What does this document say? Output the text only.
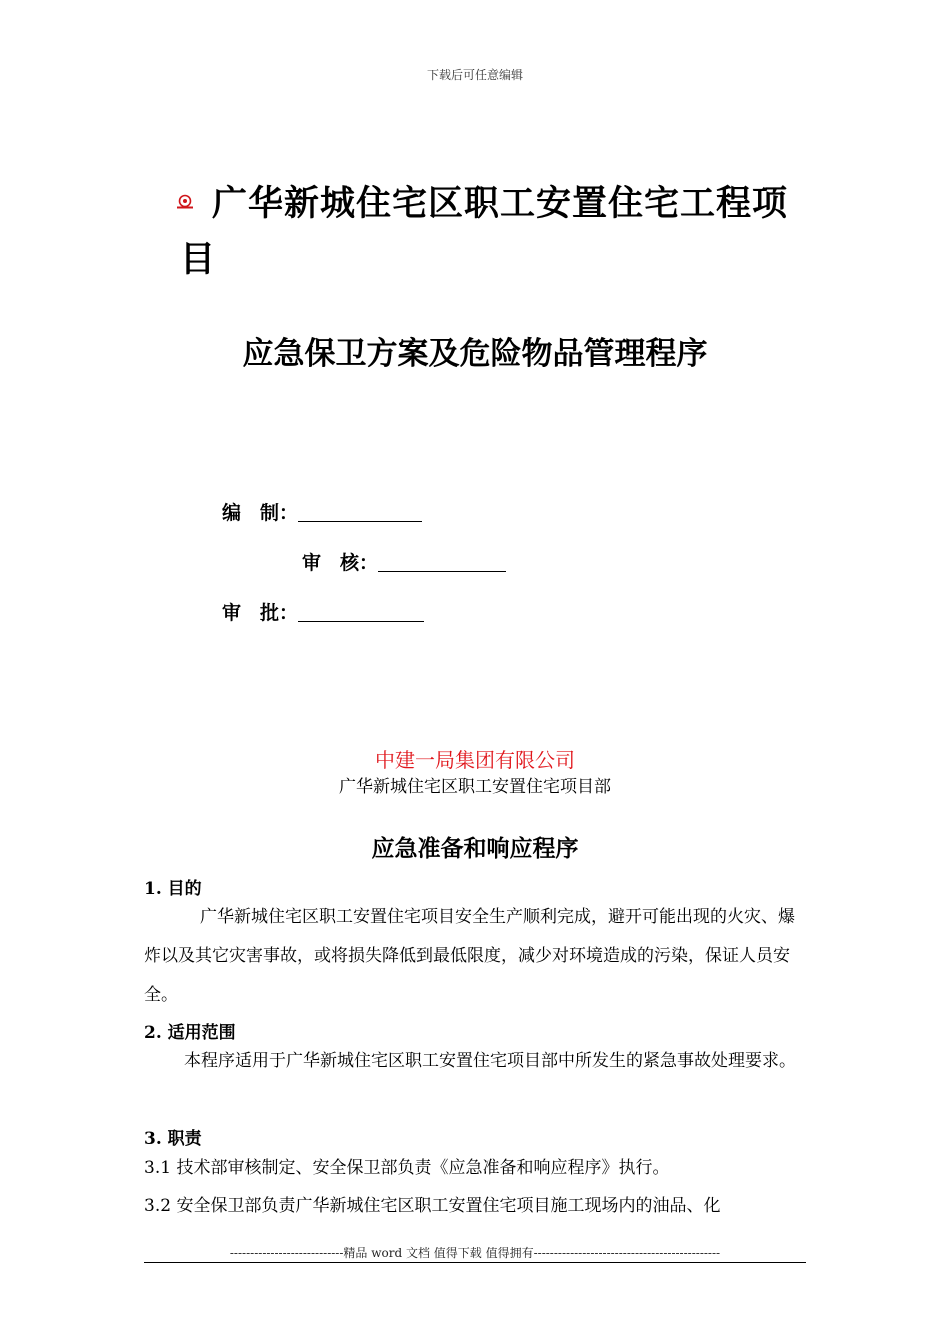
下载后可任意编辑
广华新城住宅区职工安置住宅工程项
目
应急保卫方案及危险物品管理程序
编　制：
审　核：
审　批：
中建一局集团有限公司
广华新城住宅区职工安置住宅项目部
应急准备和响应程序
1. 目的
广华新城住宅区职工安置住宅项目安全生产顺利完成，避开可能出现的火灾、爆炸以及其它灾害事故，或将损失降低到最低限度，减少对环境造成的污染，保证人员安全。
2. 适用范围
本程序适用于广华新城住宅区职工安置住宅项目部中所发生的紧急事故处理要求。
3. 职责
3.1 技术部审核制定、安全保卫部负责《应急准备和响应程序》执行。
3.2 安全保卫部负责广华新城住宅区职工安置住宅项目施工现场内的油品、化
----------------------------精品 word 文档 值得下载 值得拥有----------------------------------------------
